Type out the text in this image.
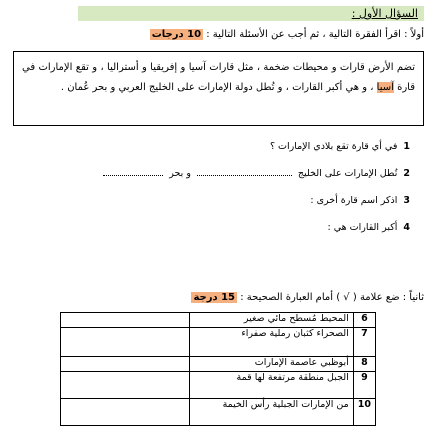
السؤال الأول :
أولاً : اقرأ الفقرة التالية ، ثم أجب عن الأسئلة التالية : 10 درجات
تضم الأرض قارات و محيطات ضخمة ، مثل قارات آسيا و إفريقيا و أستراليا ، و تقع الإمارات في قارة آسيا ، و هي أكبر القارات ، و تُطل دولة الإمارات على الخليج العربي و بحر عُمان .
1في أي قارة تقع بلادي الإمارات ؟
2تُطل الإمارات على الخليجو بحر
3اذكر اسم قارة أخرى :
4أكبر القارات هي :
ثانياً : ضع علامة ( √ ) أمام العبارة الصحيحة : 15 درجة
6	المحيط مُسطح مائي صغير	
7	الصحراء كثبان رملية صفراء	
8	أبوظبي عاصمة الإمارات	
9	الجبل منطقة مرتفعة لها قمة	
10	من الإمارات الجبلية رأس الخيمة	
